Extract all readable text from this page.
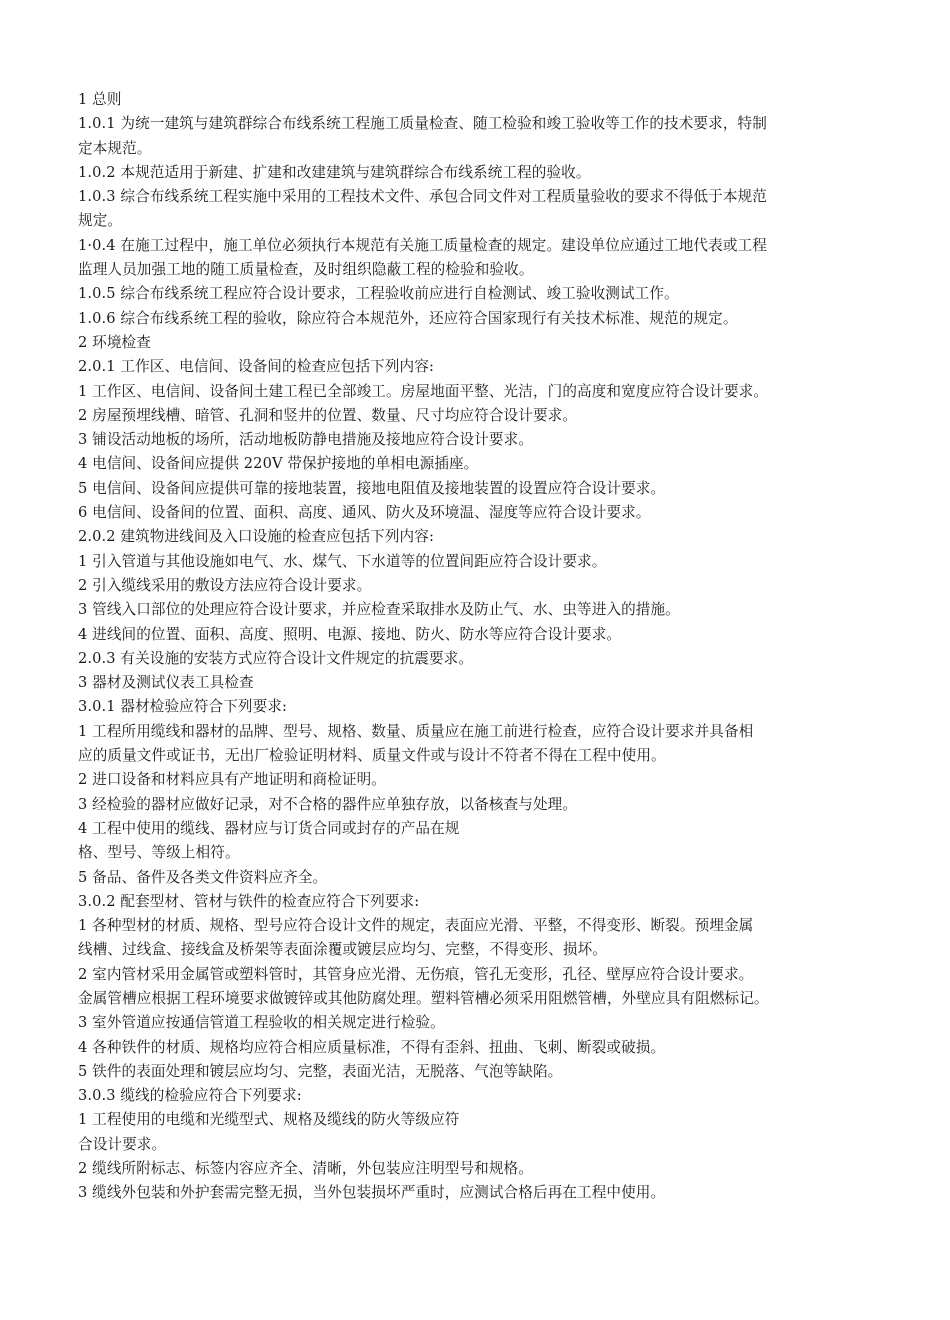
1 总则
1.0.1 为统一建筑与建筑群综合布线系统工程施工质量检查、随工检验和竣工验收等工作的技术要求，特制
定本规范。
1.0.2 本规范适用于新建、扩建和改建建筑与建筑群综合布线系统工程的验收。
1.0.3 综合布线系统工程实施中采用的工程技术文件、承包合同文件对工程质量验收的要求不得低于本规范
规定。
1·0.4 在施工过程中，施工单位必须执行本规范有关施工质量检查的规定。建设单位应通过工地代表或工程
监理人员加强工地的随工质量检查，及时组织隐蔽工程的检验和验收。
1.0.5 综合布线系统工程应符合设计要求，工程验收前应进行自检测试、竣工验收测试工作。
1.0.6 综合布线系统工程的验收，除应符合本规范外，还应符合国家现行有关技术标准、规范的规定。
2 环境检查
2.0.1 工作区、电信间、设备间的检查应包括下列内容:
1 工作区、电信间、设备间土建工程已全部竣工。房屋地面平整、光洁，门的高度和宽度应符合设计要求。
2 房屋预埋线槽、暗管、孔洞和竖井的位置、数量、尺寸均应符合设计要求。
3 铺设活动地板的场所，活动地板防静电措施及接地应符合设计要求。
4 电信间、设备间应提供 220V 带保护接地的单相电源插座。
5 电信间、设备间应提供可靠的接地装置，接地电阻值及接地装置的设置应符合设计要求。
6 电信间、设备间的位置、面积、高度、通风、防火及环境温、湿度等应符合设计要求。
2.0.2 建筑物进线间及入口设施的检查应包括下列内容:
1 引入管道与其他设施如电气、水、煤气、下水道等的位置间距应符合设计要求。
2 引入缆线采用的敷设方法应符合设计要求。
3 管线入口部位的处理应符合设计要求，并应检查采取排水及防止气、水、虫等进入的措施。
4 进线间的位置、面积、高度、照明、电源、接地、防火、防水等应符合设计要求。
2.0.3 有关设施的安装方式应符合设计文件规定的抗震要求。
3 器材及测试仪表工具检查
3.0.1 器材检验应符合下列要求:
1 工程所用缆线和器材的品牌、型号、规格、数量、质量应在施工前进行检查，应符合设计要求并具备相
应的质量文件或证书，无出厂检验证明材料、质量文件或与设计不符者不得在工程中使用。
2 进口设备和材料应具有产地证明和商检证明。
3 经检验的器材应做好记录，对不合格的器件应单独存放，以备核查与处理。
4 工程中使用的缆线、器材应与订货合同或封存的产品在规
格、型号、等级上相符。
5 备品、备件及各类文件资料应齐全。
3.0.2 配套型材、管材与铁件的检查应符合下列要求:
1 各种型材的材质、规格、型号应符合设计文件的规定，表面应光滑、平整，不得变形、断裂。预埋金属
线槽、过线盒、接线盒及桥架等表面涂覆或镀层应均匀、完整，不得变形、损坏。
2 室内管材采用金属管或塑料管时，其管身应光滑、无伤痕，管孔无变形，孔径、壁厚应符合设计要求。
金属管槽应根据工程环境要求做镀锌或其他防腐处理。塑料管槽必须采用阻燃管槽，外壁应具有阻燃标记。
3 室外管道应按通信管道工程验收的相关规定进行检验。
4 各种铁件的材质、规格均应符合相应质量标准，不得有歪斜、扭曲、飞刺、断裂或破损。
5 铁件的表面处理和镀层应均匀、完整，表面光洁，无脱落、气泡等缺陷。
3.0.3 缆线的检验应符合下列要求:
1 工程使用的电缆和光缆型式、规格及缆线的防火等级应符
合设计要求。
2 缆线所附标志、标签内容应齐全、清晰，外包装应注明型号和规格。
3 缆线外包装和外护套需完整无损，当外包装损坏严重时，应测试合格后再在工程中使用。
